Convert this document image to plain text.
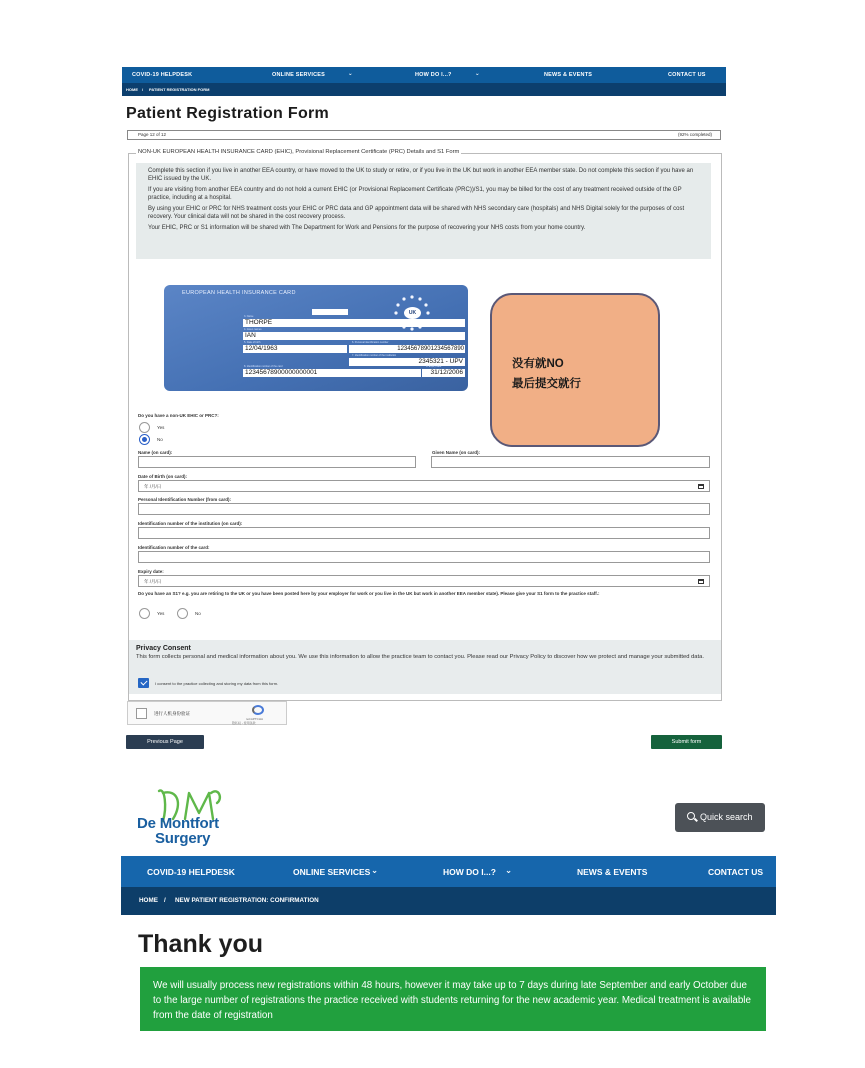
COVID-19 HELPDESK	ONLINE SERVICES	⌄	HOW DO I...?	⌄	NEWS & EVENTS	CONTACT US
HOME / PATIENT REGISTRATION FORM
Patient Registration Form
Page 12 of 12	(92% completed)
NON-UK EUROPEAN HEALTH INSURANCE CARD (EHIC), Provisional Replacement Certificate (PRC) Details and S1 Form

Complete this section if you live in another EEA country, or have moved to the UK to study or retire, or if you live in the UK but work in another EEA member state. Do not complete this section if you have an EHIC issued by the UK.

If you are visiting from another EEA country and do not hold a current EHIC (or Provisional Replacement Certificate (PRC))/S1, you may be billed for the cost of any treatment received outside of the GP practice, including at a hospital.

By using your EHIC or PRC for NHS treatment costs your EHIC or PRC data and GP appointment data will be shared with NHS secondary care (hospitals) and NHS Digital solely for the purposes of cost recovery. Your clinical data will not be shared in the cost recovery process.

Your EHIC, PRC or S1 information will be shared with The Department for Work and Pensions for the purpose of recovering your NHS costs from your home country.

EUROPEAN HEALTH INSURANCE CARD
UK
3. Name
THORPE
4. Given names
IAN
5. Date of birth
12/04/1963
6. Personal identification number
1234567890123456789​0
7. Identification number of the institution
2345321 - UPV
8. Identification number of the card
12345678900000000001
9. Expiry date
31/12/2006
没有就NO
最后提交就行
Do you have a non-UK EHIC or PRC?:
Yes
No
Name (on card):	Given Name (on card):
Date of Birth (on card):
年 /月/日
Personal Identification Number (from card):
Identification number of the institution (on card):
Identification number of the card:
Expiry date:
年 /月/日
Do you have an S1? e.g. you are retiring to the UK or you have been posted here by your employer for work or you live in the UK but work in another EEA member state). Please give your S1 form to the practice staff.:
Yes	No
Privacy Consent
This form collects personal and medical information about you. We use this information to allow the practice team to contact you. Please read our Privacy Policy to discover how we protect and manage your submitted data.
I consent to the practice collecting and storing my data from this form.
进行人机身份验证
reCAPTCHA
隐私权 - 使用条款
Previous Page	Submit form
De Montfort
Surgery
Quick search
COVID-19 HELPDESK	ONLINE SERVICES ⌄	HOW DO I...? ⌄	NEWS & EVENTS	CONTACT US
HOME / NEW PATIENT REGISTRATION: CONFIRMATION
Thank you

We will usually process new registrations within 48 hours, however it may take up to 7 days during late September and early October due to the large number of registrations the practice received with students returning for the new academic year. Medical treatment is available from the date of registration
